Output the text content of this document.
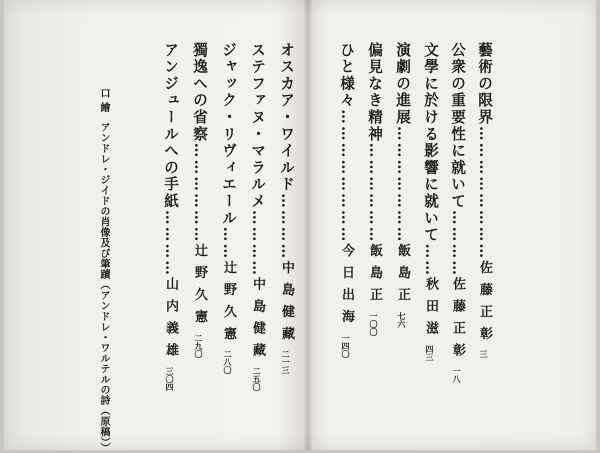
藝術の限界……………………佐藤正彰三
公衆の重要性に就いて…………佐藤正彰一八
文學に於ける影響に就いて……秋田滋四三
演劇の進展…………………飯島正七六
偏見なき精神………………飯島正一〇〇
ひと様々……………………今日出海一四〇
オスカア・ワイルド…………中島健藏二一三
ステファヌ・マラルメ…………中島健藏二五〇
ジャック・リヴィエール……辻野久憲二八〇
獨逸への省察………………辻野久憲二九〇
アンジュールへの手紙…………山内義雄三〇四
口繪アンドレ・ジイドの肖像及び筆蹟（アンドレ・ワルテルの詩（原稿））
